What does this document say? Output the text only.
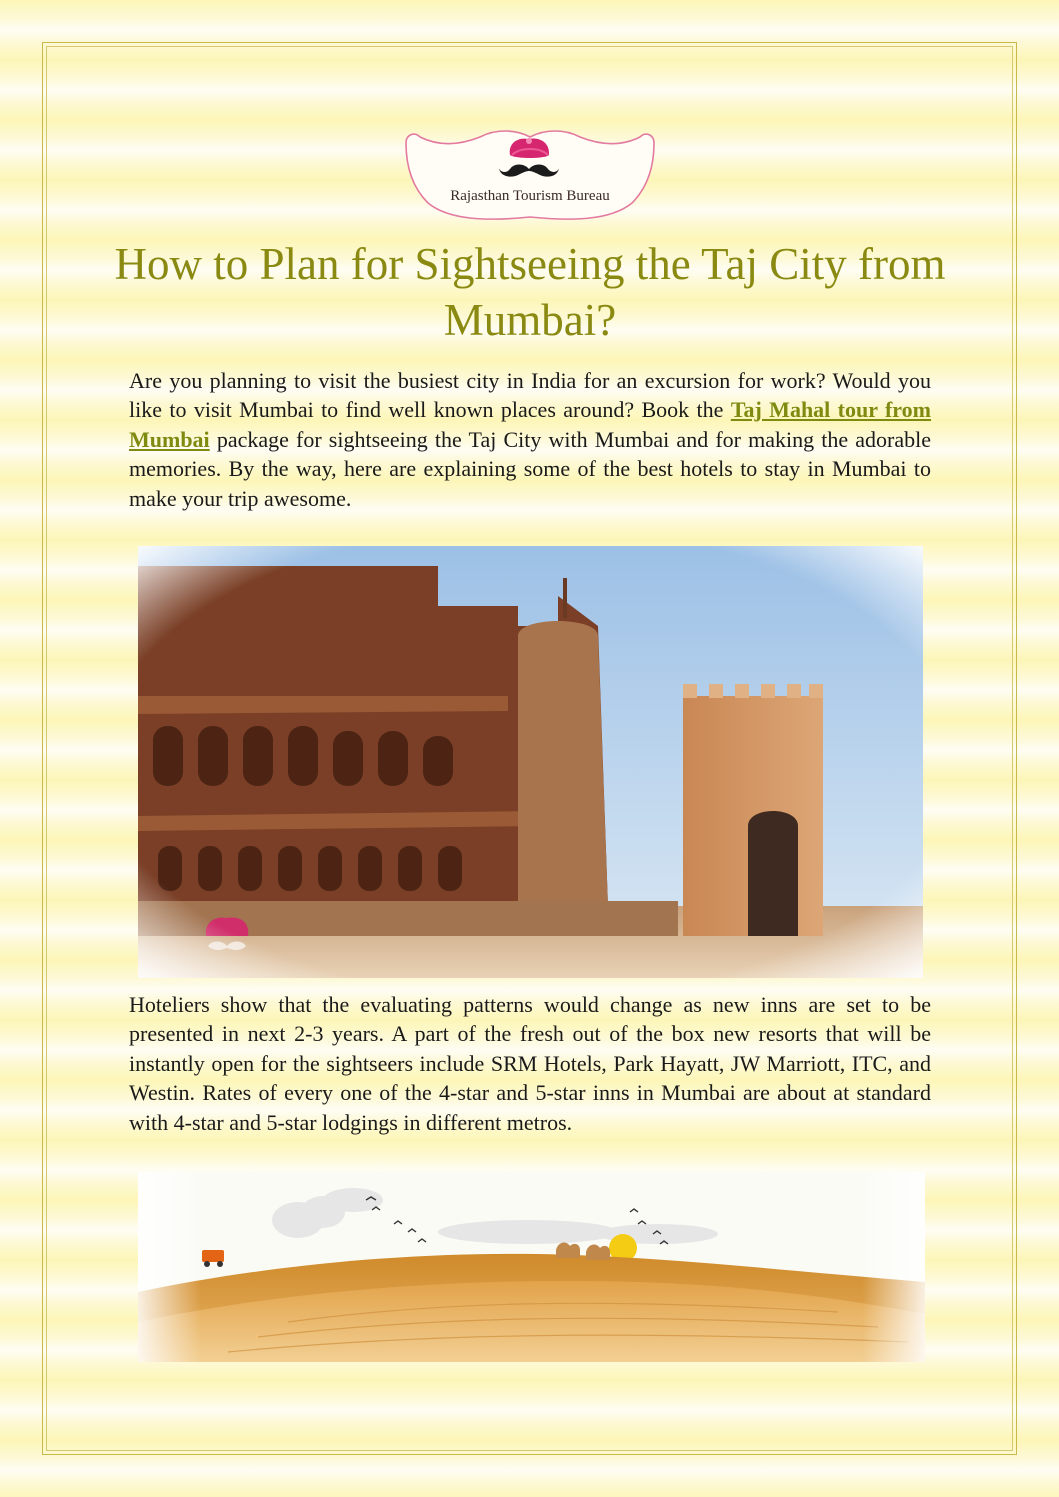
Rajasthan Tourism Bureau
How to Plan for Sightseeing the Taj City from Mumbai?

Are you planning to visit the busiest city in India for an excursion for work? Would you like to visit Mumbai to find well known places around? Book the Taj Mahal tour from Mumbai package for sightseeing the Taj City with Mumbai and for making the adorable memories. By the way, here are explaining some of the best hotels to stay in Mumbai to make your trip awesome.

Hoteliers show that the evaluating patterns would change as new inns are set to be presented in next 2-3 years. A part of the fresh out of the box new resorts that will be instantly open for the sightseers include SRM Hotels, Park Hayatt, JW Marriott, ITC, and Westin. Rates of every one of the 4-star and 5-star inns in Mumbai are about at standard with 4-star and 5-star lodgings in different metros.
